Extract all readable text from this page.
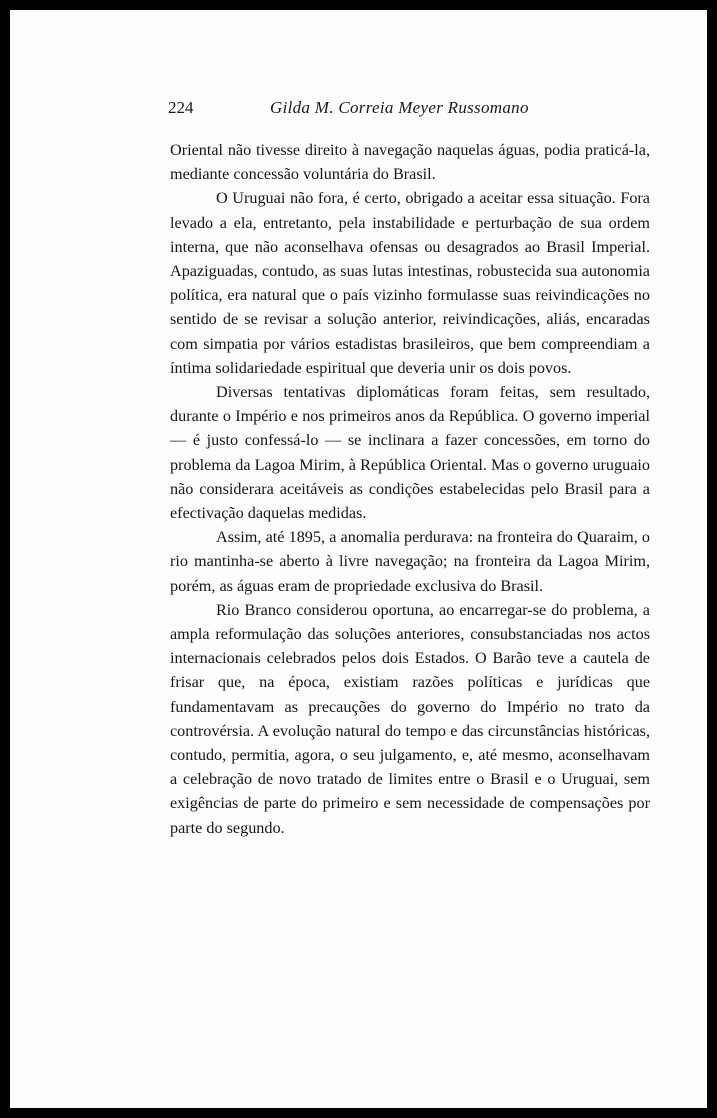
224	Gilda M. Correia Meyer Russomano

Oriental não tivesse direito à navegação naquelas águas, podia praticá-la, mediante concessão voluntária do Brasil.

O Uruguai não fora, é certo, obrigado a aceitar essa situação. Fora levado a ela, entretanto, pela instabilidade e perturbação de sua ordem interna, que não aconselhava ofensas ou desagrados ao Brasil Imperial. Apaziguadas, contudo, as suas lutas intestinas, robustecida sua autonomia política, era natural que o país vizinho formulasse suas reivindicações no sentido de se revisar a solução anterior, reivindicações, aliás, encaradas com simpatia por vários estadistas brasileiros, que bem compreendiam a íntima solidariedade espiritual que deveria unir os dois povos.

Diversas tentativas diplomáticas foram feitas, sem resultado, durante o Império e nos primeiros anos da República. O governo imperial — é justo confessá-lo — se inclinara a fazer concessões, em torno do problema da Lagoa Mirim, à República Oriental. Mas o governo uruguaio não considerara aceitáveis as condições estabelecidas pelo Brasil para a efectivação daquelas medidas.

Assim, até 1895, a anomalia perdurava: na fronteira do Quaraim, o rio mantinha-se aberto à livre navegação; na fronteira da Lagoa Mirim, porém, as águas eram de propriedade exclusiva do Brasil.

Rio Branco considerou oportuna, ao encarregar-se do problema, a ampla reformulação das soluções anteriores, consubstanciadas nos actos internacionais celebrados pelos dois Estados. O Barão teve a cautela de frisar que, na época, existiam razões políticas e jurídicas que fundamentavam as precauções do governo do Império no trato da controvérsia. A evolução natural do tempo e das circunstâncias históricas, contudo, permitia, agora, o seu julgamento, e, até mesmo, aconselhavam a celebração de novo tratado de limites entre o Brasil e o Uruguai, sem exigências de parte do primeiro e sem necessidade de compensações por parte do segundo.
